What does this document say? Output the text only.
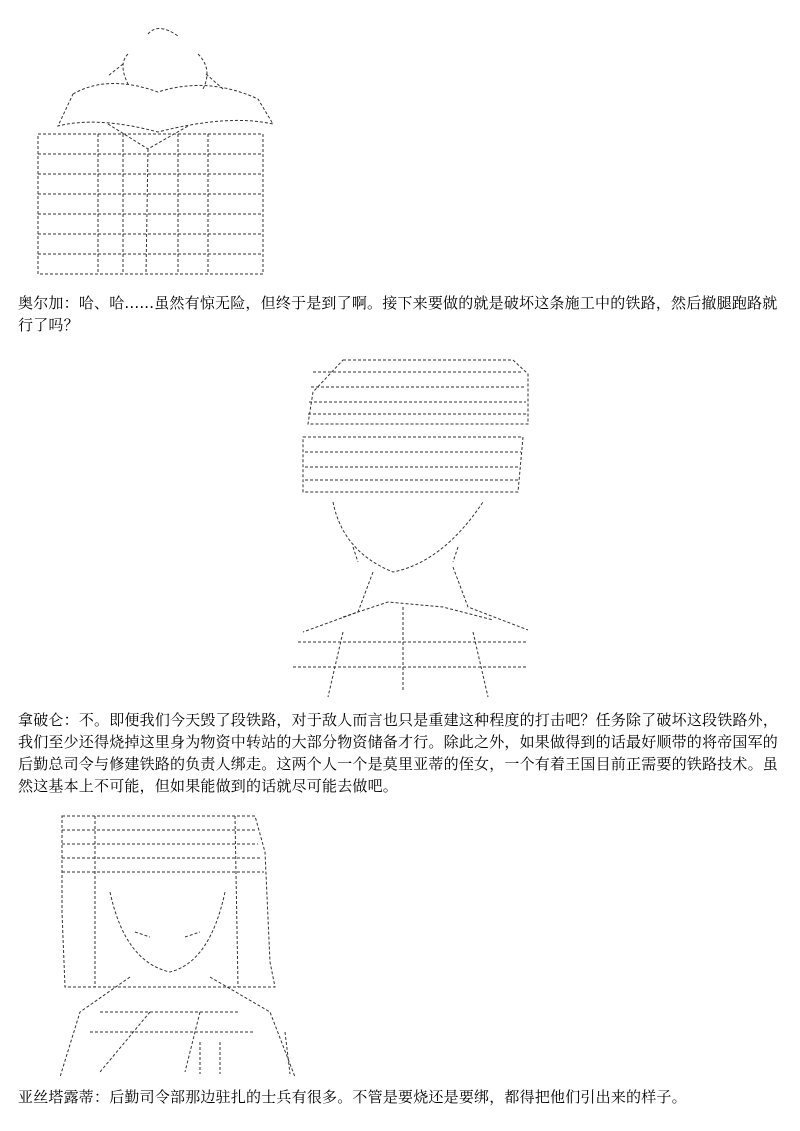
奥尔加：哈、哈......虽然有惊无险，但终于是到了啊。接下来要做的就是破坏这条施工中的铁路，然后撤腿跑路就行了吗？

拿破仑：不。即便我们今天毁了段铁路，对于敌人而言也只是重建这种程度的打击吧？任务除了破坏这段铁路外，我们至少还得烧掉这里身为物资中转站的大部分物资储备才行。除此之外，如果做得到的话最好顺带的将帝国军的后勤总司令与修建铁路的负责人绑走。这两个人一个是莫里亚蒂的侄女，一个有着王国目前正需要的铁路技术。虽然这基本上不可能，但如果能做到的话就尽可能去做吧。

亚丝塔露蒂：后勤司令部那边驻扎的士兵有很多。不管是要烧还是要绑，都得把他们引出来的样子。
